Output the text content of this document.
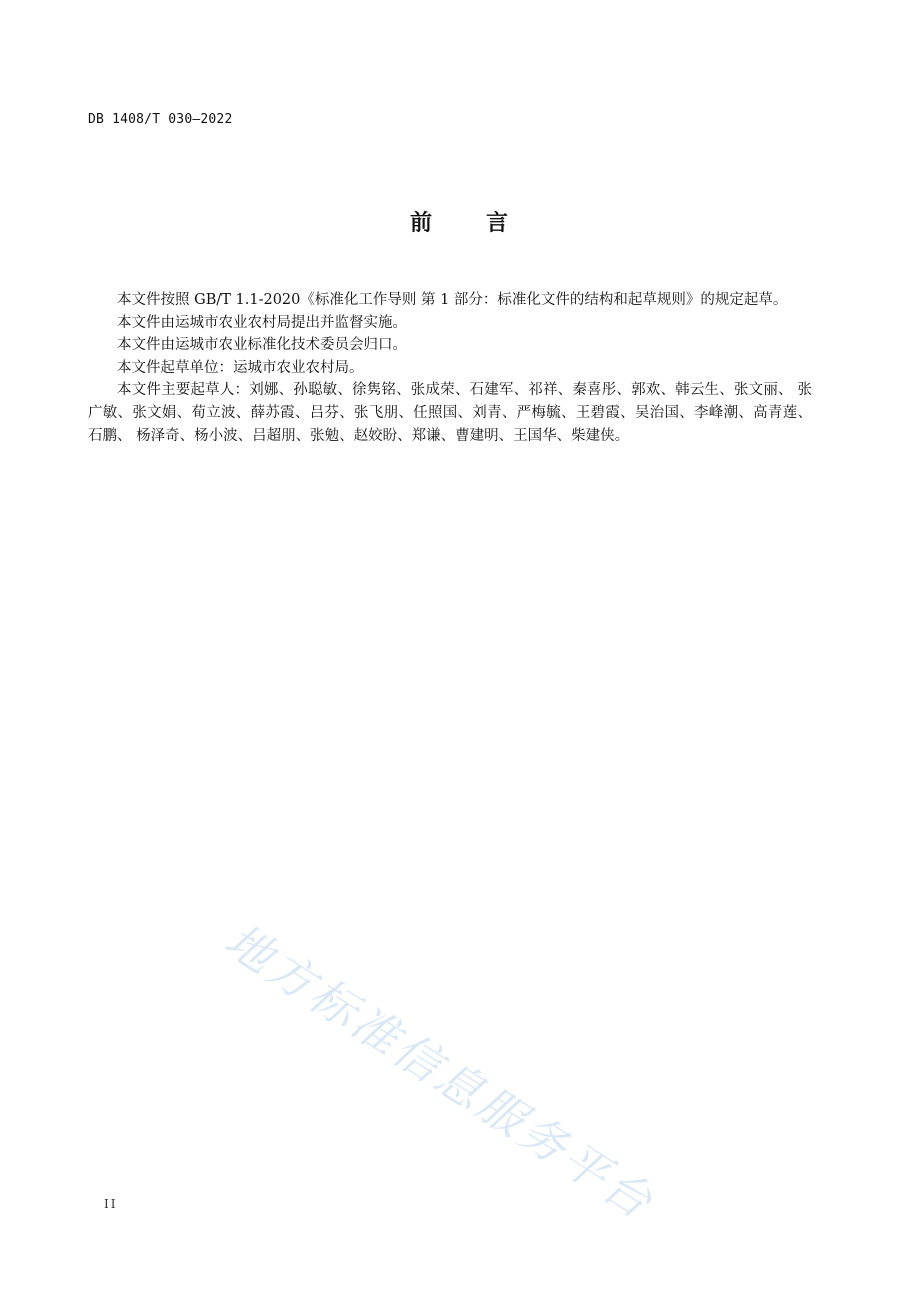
DB 1408/T 030—2022
前 言

本文件按照 GB/T 1.1-2020《标准化工作导则 第 1 部分：标准化文件的结构和起草规则》的规定起草。

本文件由运城市农业农村局提出并监督实施。

本文件由运城市农业标准化技术委员会归口。

本文件起草单位：运城市农业农村局。

本文件主要起草人：刘娜、孙聪敏、徐隽铭、张成荣、石建军、祁祥、秦喜彤、郭欢、韩云生、张文丽、 张广敏、张文娟、荀立波、薛苏霞、吕芬、张飞朋、任照国、刘青、严梅毓、王碧霞、吴治国、李峰潮、高青莲、石鹏、 杨泽奇、杨小波、吕超朋、张勉、赵姣盼、郑谦、曹建明、王国华、柴建侠。

地方标准信息服务平台
II
